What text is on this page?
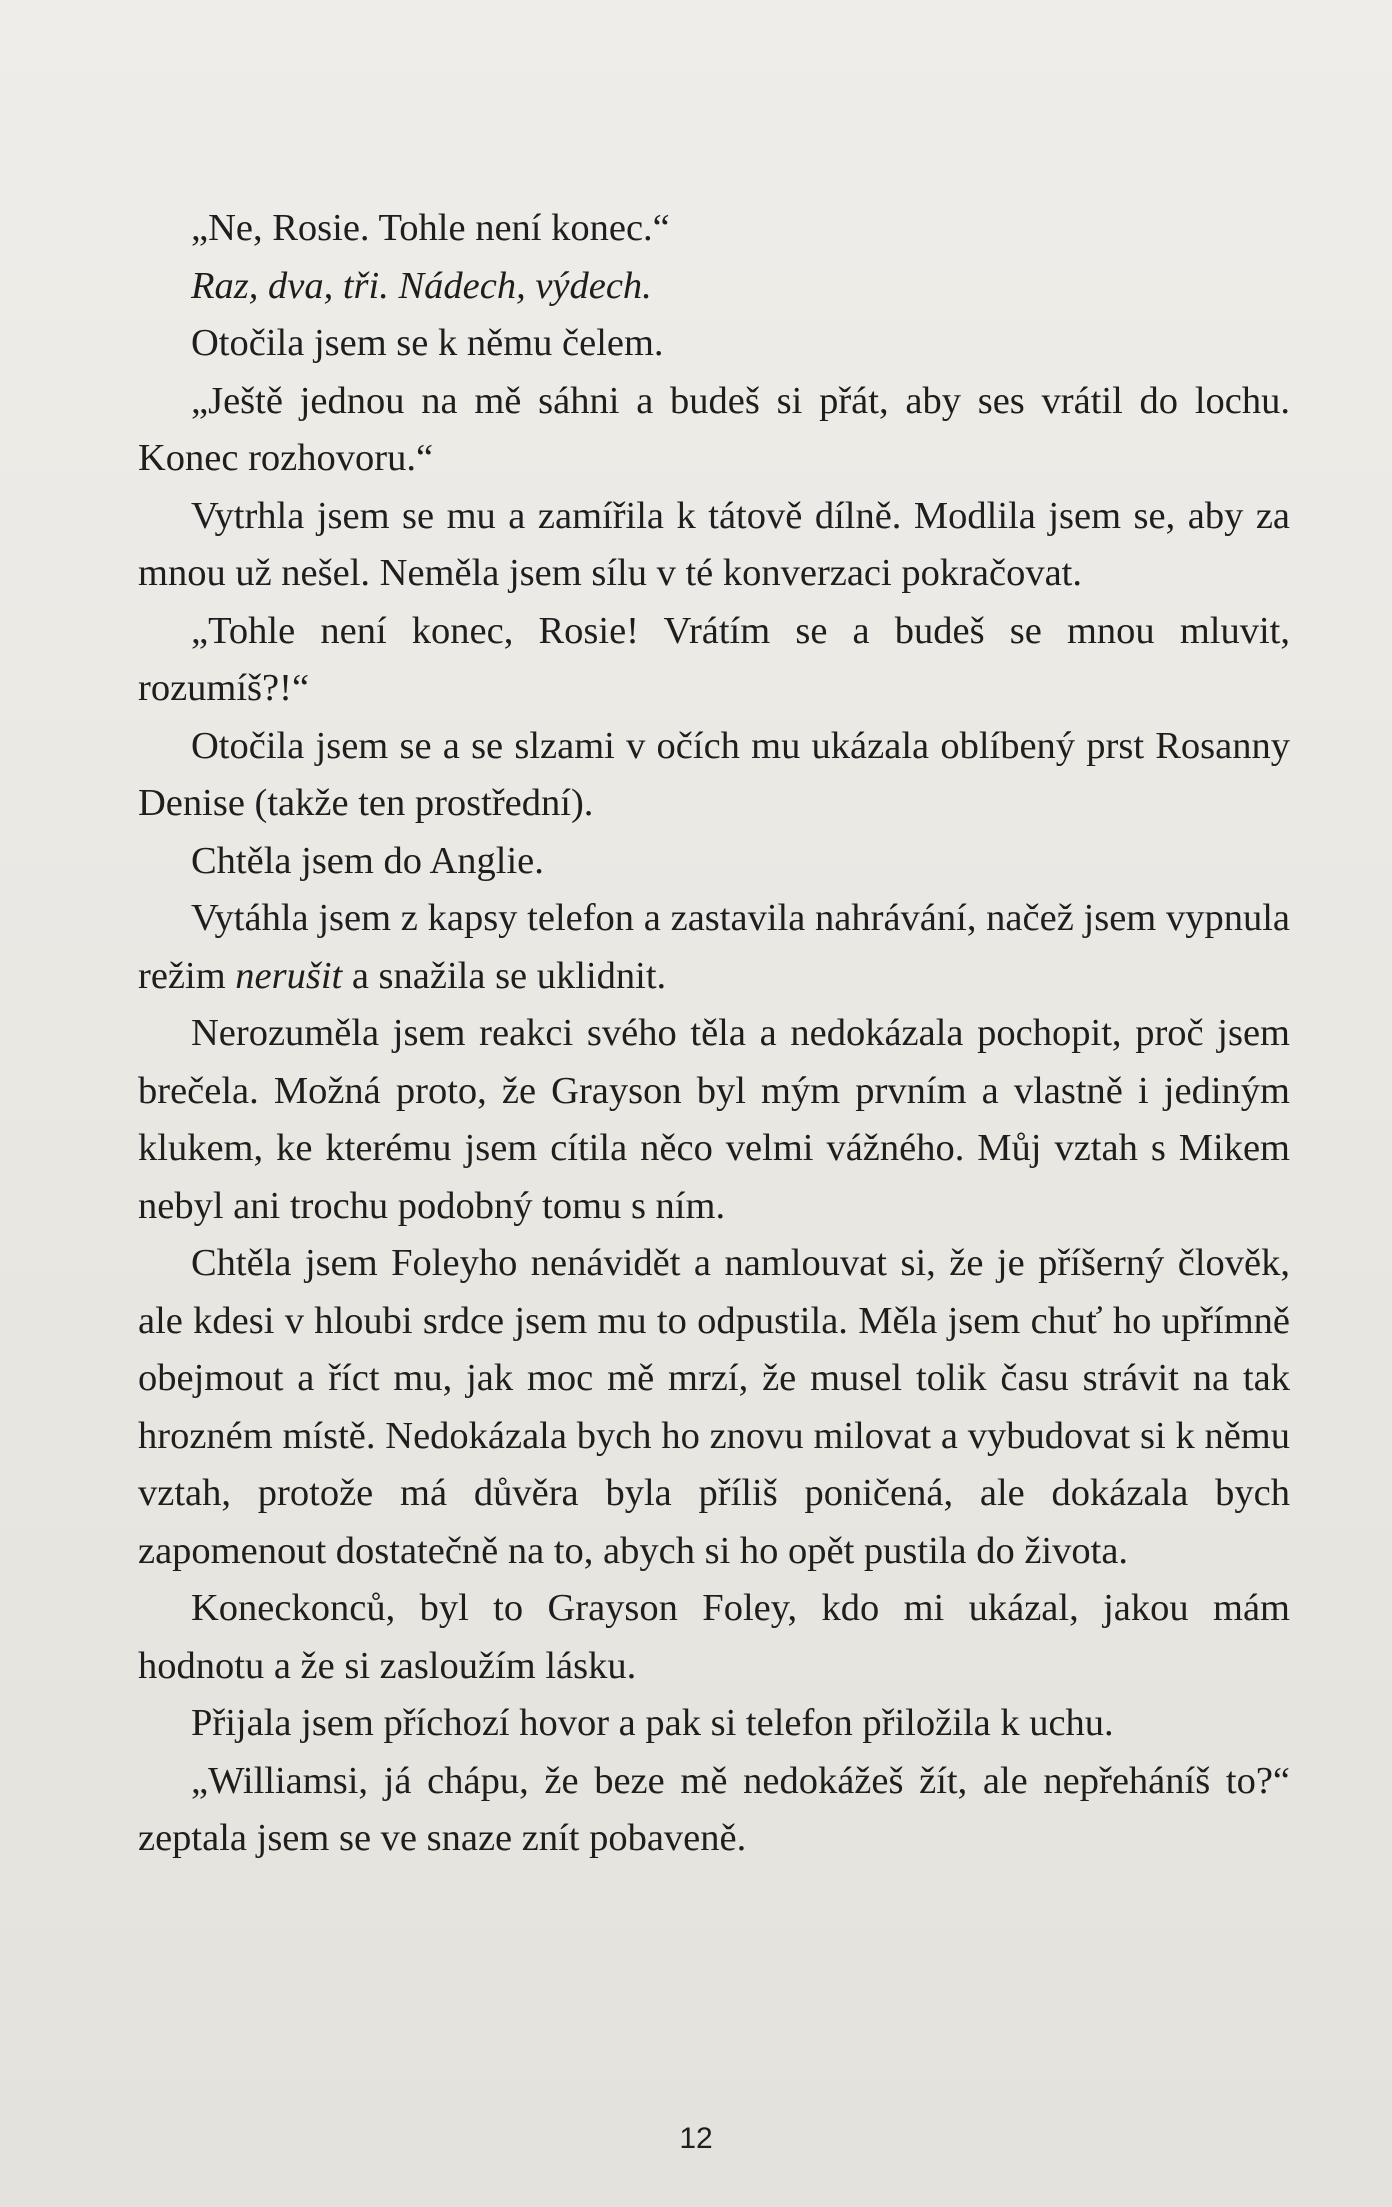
„Ne, Rosie. Tohle není konec.“

Raz, dva, tři. Nádech, výdech.

Otočila jsem se k němu čelem.

„Ještě jednou na mě sáhni a budeš si přát, aby ses vrátil do lochu. Konec rozhovoru.“

Vytrhla jsem se mu a zamířila k tátově dílně. Modlila jsem se, aby za mnou už nešel. Neměla jsem sílu v té konverzaci pokračovat.

„Tohle není konec, Rosie! Vrátím se a budeš se mnou mluvit, rozumíš?!“

Otočila jsem se a se slzami v očích mu ukázala oblíbený prst Rosanny Denise (takže ten prostřední).

Chtěla jsem do Anglie.

Vytáhla jsem z kapsy telefon a zastavila nahrávání, načež jsem vypnula režim nerušit a snažila se uklidnit.

Nerozuměla jsem reakci svého těla a nedokázala pochopit, proč jsem brečela. Možná proto, že Grayson byl mým prvním a vlastně i jediným klukem, ke kterému jsem cítila něco velmi vážného. Můj vztah s Mikem nebyl ani trochu podobný tomu s ním.

Chtěla jsem Foleyho nenávidět a namlouvat si, že je příšerný člověk, ale kdesi v hloubi srdce jsem mu to odpustila. Měla jsem chuť ho upřímně obejmout a říct mu, jak moc mě mrzí, že musel tolik času strávit na tak hrozném místě. Nedokázala bych ho znovu milovat a vybudovat si k němu vztah, protože má důvěra byla příliš poničená, ale dokázala bych zapomenout dostatečně na to, abych si ho opět pustila do života.

Koneckonců, byl to Grayson Foley, kdo mi ukázal, jakou mám hodnotu a že si zasloužím lásku.

Přijala jsem příchozí hovor a pak si telefon přiložila k uchu.

„Williamsi, já chápu, že beze mě nedokážeš žít, ale nepřeháníš to?“ zeptala jsem se ve snaze znít pobaveně.

12
